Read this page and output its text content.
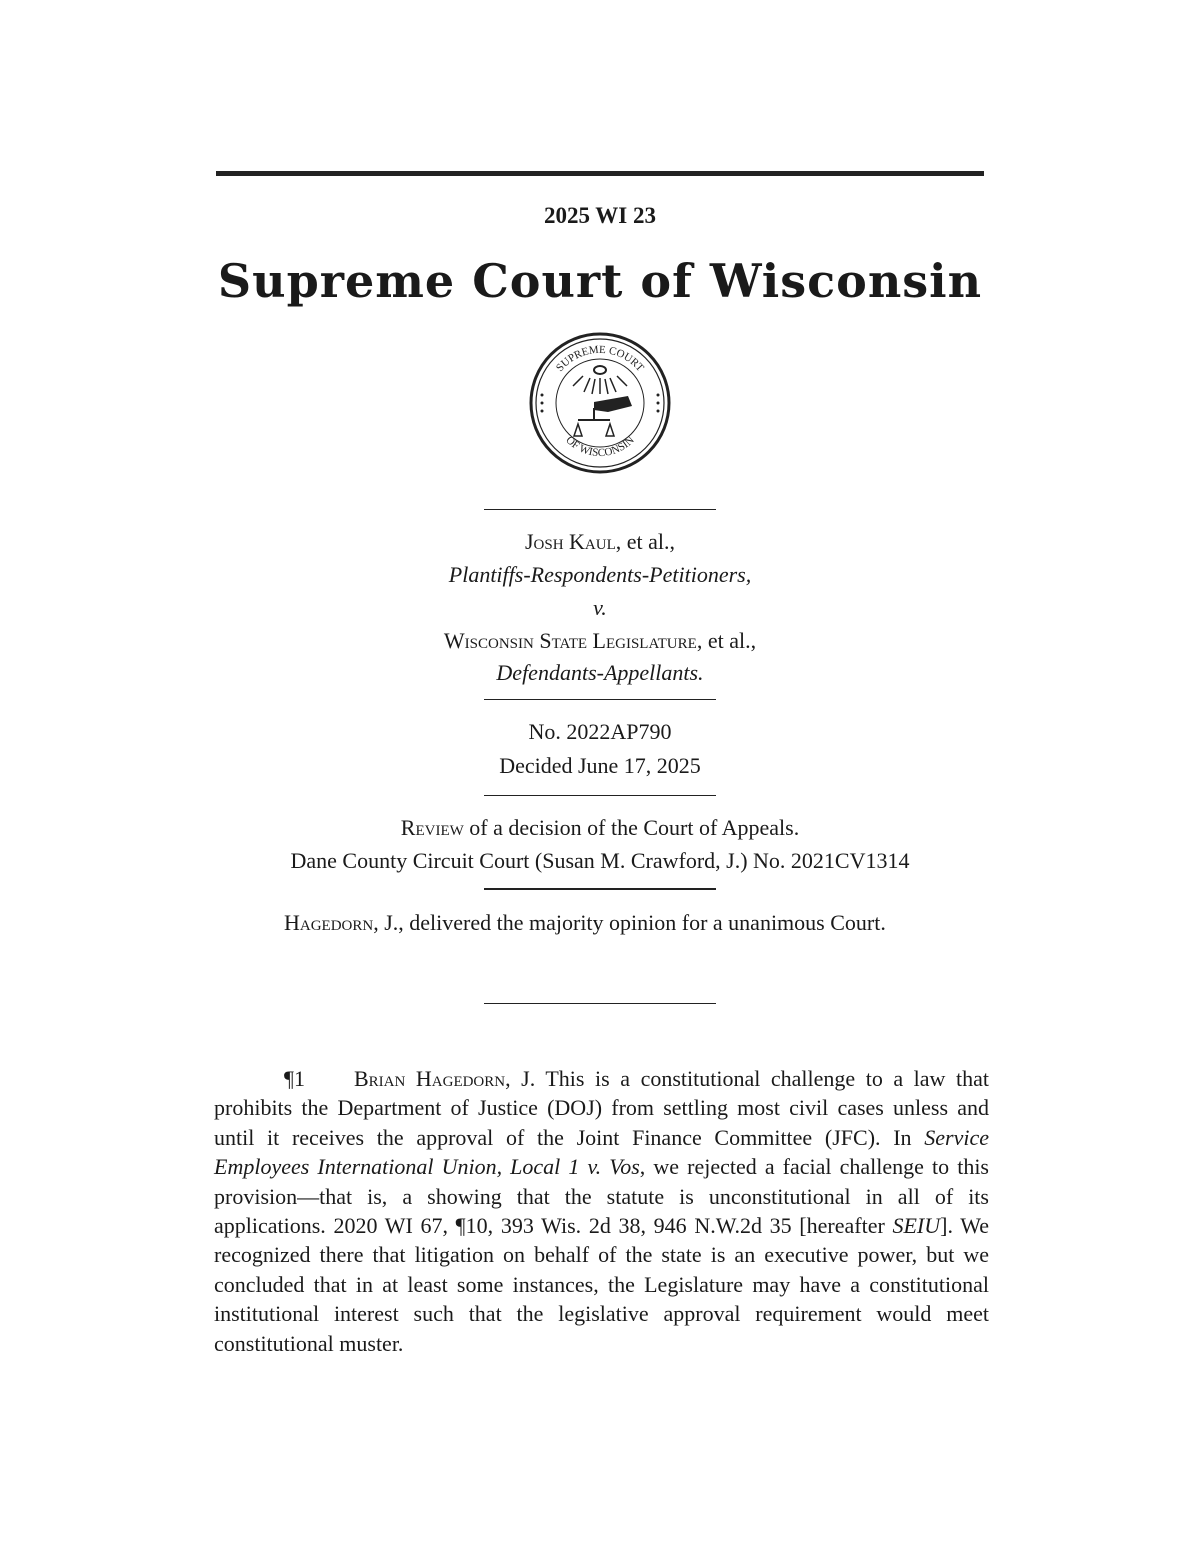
2025 WI 23
Supreme Court of Wisconsin
SUPREME COURT
OF WISCONSIN
Josh Kaul, et al.,
Plantiffs-Respondents-Petitioners,
v.
Wisconsin State Legislature, et al.,
Defendants-Appellants.
No. 2022AP790
Decided June 17, 2025
Review of a decision of the Court of Appeals.
Dane County Circuit Court (Susan M. Crawford, J.) No. 2021CV1314
Hagedorn, J., delivered the majority opinion for a unanimous Court.
¶1 Brian Hagedorn, J. This is a constitutional challenge to a law that prohibits the Department of Justice (DOJ) from settling most civil cases unless and until it receives the approval of the Joint Finance Committee (JFC). In Service Employees International Union, Local 1 v. Vos, we rejected a facial challenge to this provision—that is, a showing that the statute is unconstitutional in all of its applications. 2020 WI 67, ¶10, 393 Wis. 2d 38, 946 N.W.2d 35 [hereafter SEIU]. We recognized there that litigation on behalf of the state is an executive power, but we concluded that in at least some instances, the Legislature may have a constitutional institutional interest such that the legislative approval requirement would meet constitutional muster.
